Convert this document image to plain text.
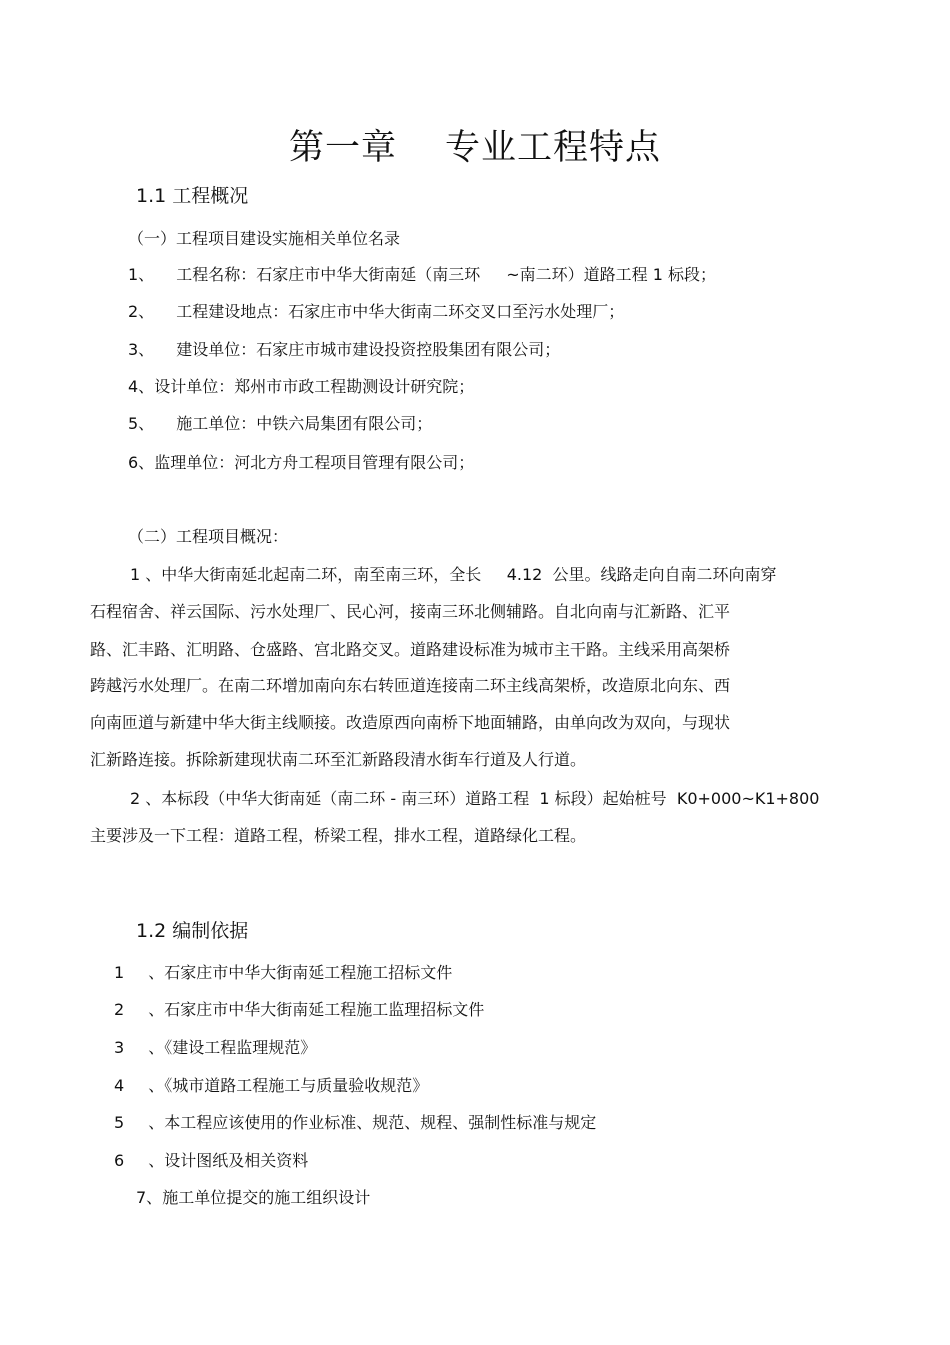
第一章 专业工程特点
1.1 工程概况
（一）工程项目建设实施相关单位名录
1、 工程名称：石家庄市中华大街南延（南三环 ~南二环）道路工程 1 标段；
2、 工程建设地点：石家庄市中华大街南二环交叉口至污水处理厂；
3、 建设单位：石家庄市城市建设投资控股集团有限公司；
4、设计单位：郑州市市政工程勘测设计研究院；
5、 施工单位：中铁六局集团有限公司；
6、监理单位：河北方舟工程项目管理有限公司；
（二）工程项目概况：
1 、中华大街南延北起南二环，南至南三环，全长     4.12  公里。线路走向自南二环向南穿
石程宿舍、祥云国际、污水处理厂、民心河，接南三环北侧辅路。自北向南与汇新路、汇平
路、汇丰路、汇明路、仓盛路、宫北路交叉。道路建设标准为城市主干路。主线采用高架桥
跨越污水处理厂。在南二环增加南向东右转匝道连接南二环主线高架桥，改造原北向东、西
向南匝道与新建中华大街主线顺接。改造原西向南桥下地面辅路，由单向改为双向，与现状
汇新路连接。拆除新建现状南二环至汇新路段清水街车行道及人行道。
2 、本标段（中华大街南延（南二环 - 南三环）道路工程  1 标段）起始桩号  K0+000~K1+800
主要涉及一下工程：道路工程，桥梁工程，排水工程，道路绿化工程。
1.2 编制依据
1 、石家庄市中华大街南延工程施工招标文件
2 、石家庄市中华大街南延工程施工监理招标文件
3 、《建设工程监理规范》
4 、《城市道路工程施工与质量验收规范》
5 、本工程应该使用的作业标准、规范、规程、强制性标准与规定
6 、设计图纸及相关资料
7、施工单位提交的施工组织设计
